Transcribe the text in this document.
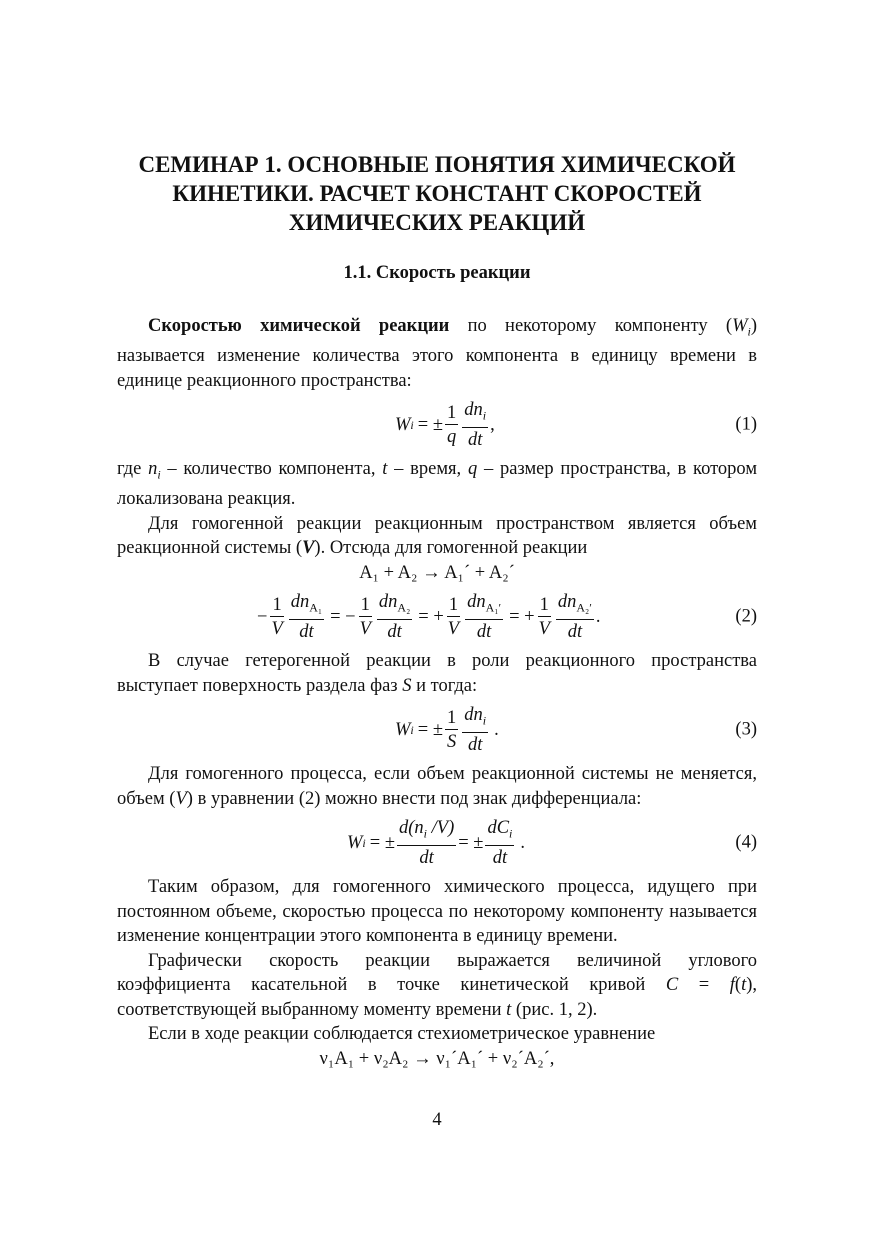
СЕМИНАР 1. ОСНОВНЫЕ ПОНЯТИЯ ХИМИЧЕСКОЙ
КИНЕТИКИ. РАСЧЕТ КОНСТАНТ СКОРОСТЕЙ
ХИМИЧЕСКИХ РЕАКЦИЙ
1.1. Скорость реакции

Скоростью химической реакции по некоторому компоненту $(W_i)$ называется изменение количества этого компонента в единицу времени в единице реакционного пространства:

W i = ± $\frac{1}{q} \frac{dn_i}{dt}$ ,	(1)

где $n_i$ – количество компонента, t – время, q – размер пространства, в котором локализована реакция.

Для гомогенной реакции реакционным пространством является объем реакционной системы (V). Отсюда для гомогенной реакции

A₁ + A₂ → A₁´ + A₂´

− $\frac{1}{V} \frac{dn_{A_1}}{dt}$ = − $\frac{1}{V} \frac{dn_{A_2}}{dt}$ = + $\frac{1}{V} \frac{dn_{A_1'}}{dt}$ = + $\frac{1}{V} \frac{dn_{A_2'}}{dt}$ .	(2)

В случае гетерогенной реакции в роли реакционного пространства выступает поверхность раздела фаз S и тогда:

W i = ± $\frac{1}{S} \frac{dn_i}{dt}$ .	(3)

Для гомогенного процесса, если объем реакционной системы не меняется, объем (V) в уравнении (2) можно внести под знак дифференциала:

W i = ± $\frac{d(n_i /V)}{dt}$ = ± $\frac{dC_i}{dt}$ .	(4)

Таким образом, для гомогенного химического процесса, идущего при постоянном объеме, скоростью процесса по некоторому компоненту называется изменение концентрации этого компонента в единицу времени.

Графически скорость реакции выражается величиной углового коэффициента касательной в точке кинетической кривой C = f(t), соответствующей выбранному моменту времени t (рис. 1, 2).

Если в ходе реакции соблюдается стехиометрическое уравнение

ν₁A₁ + ν₂A₂ → ν₁´A₁´ + ν₂´A₂´,

4
